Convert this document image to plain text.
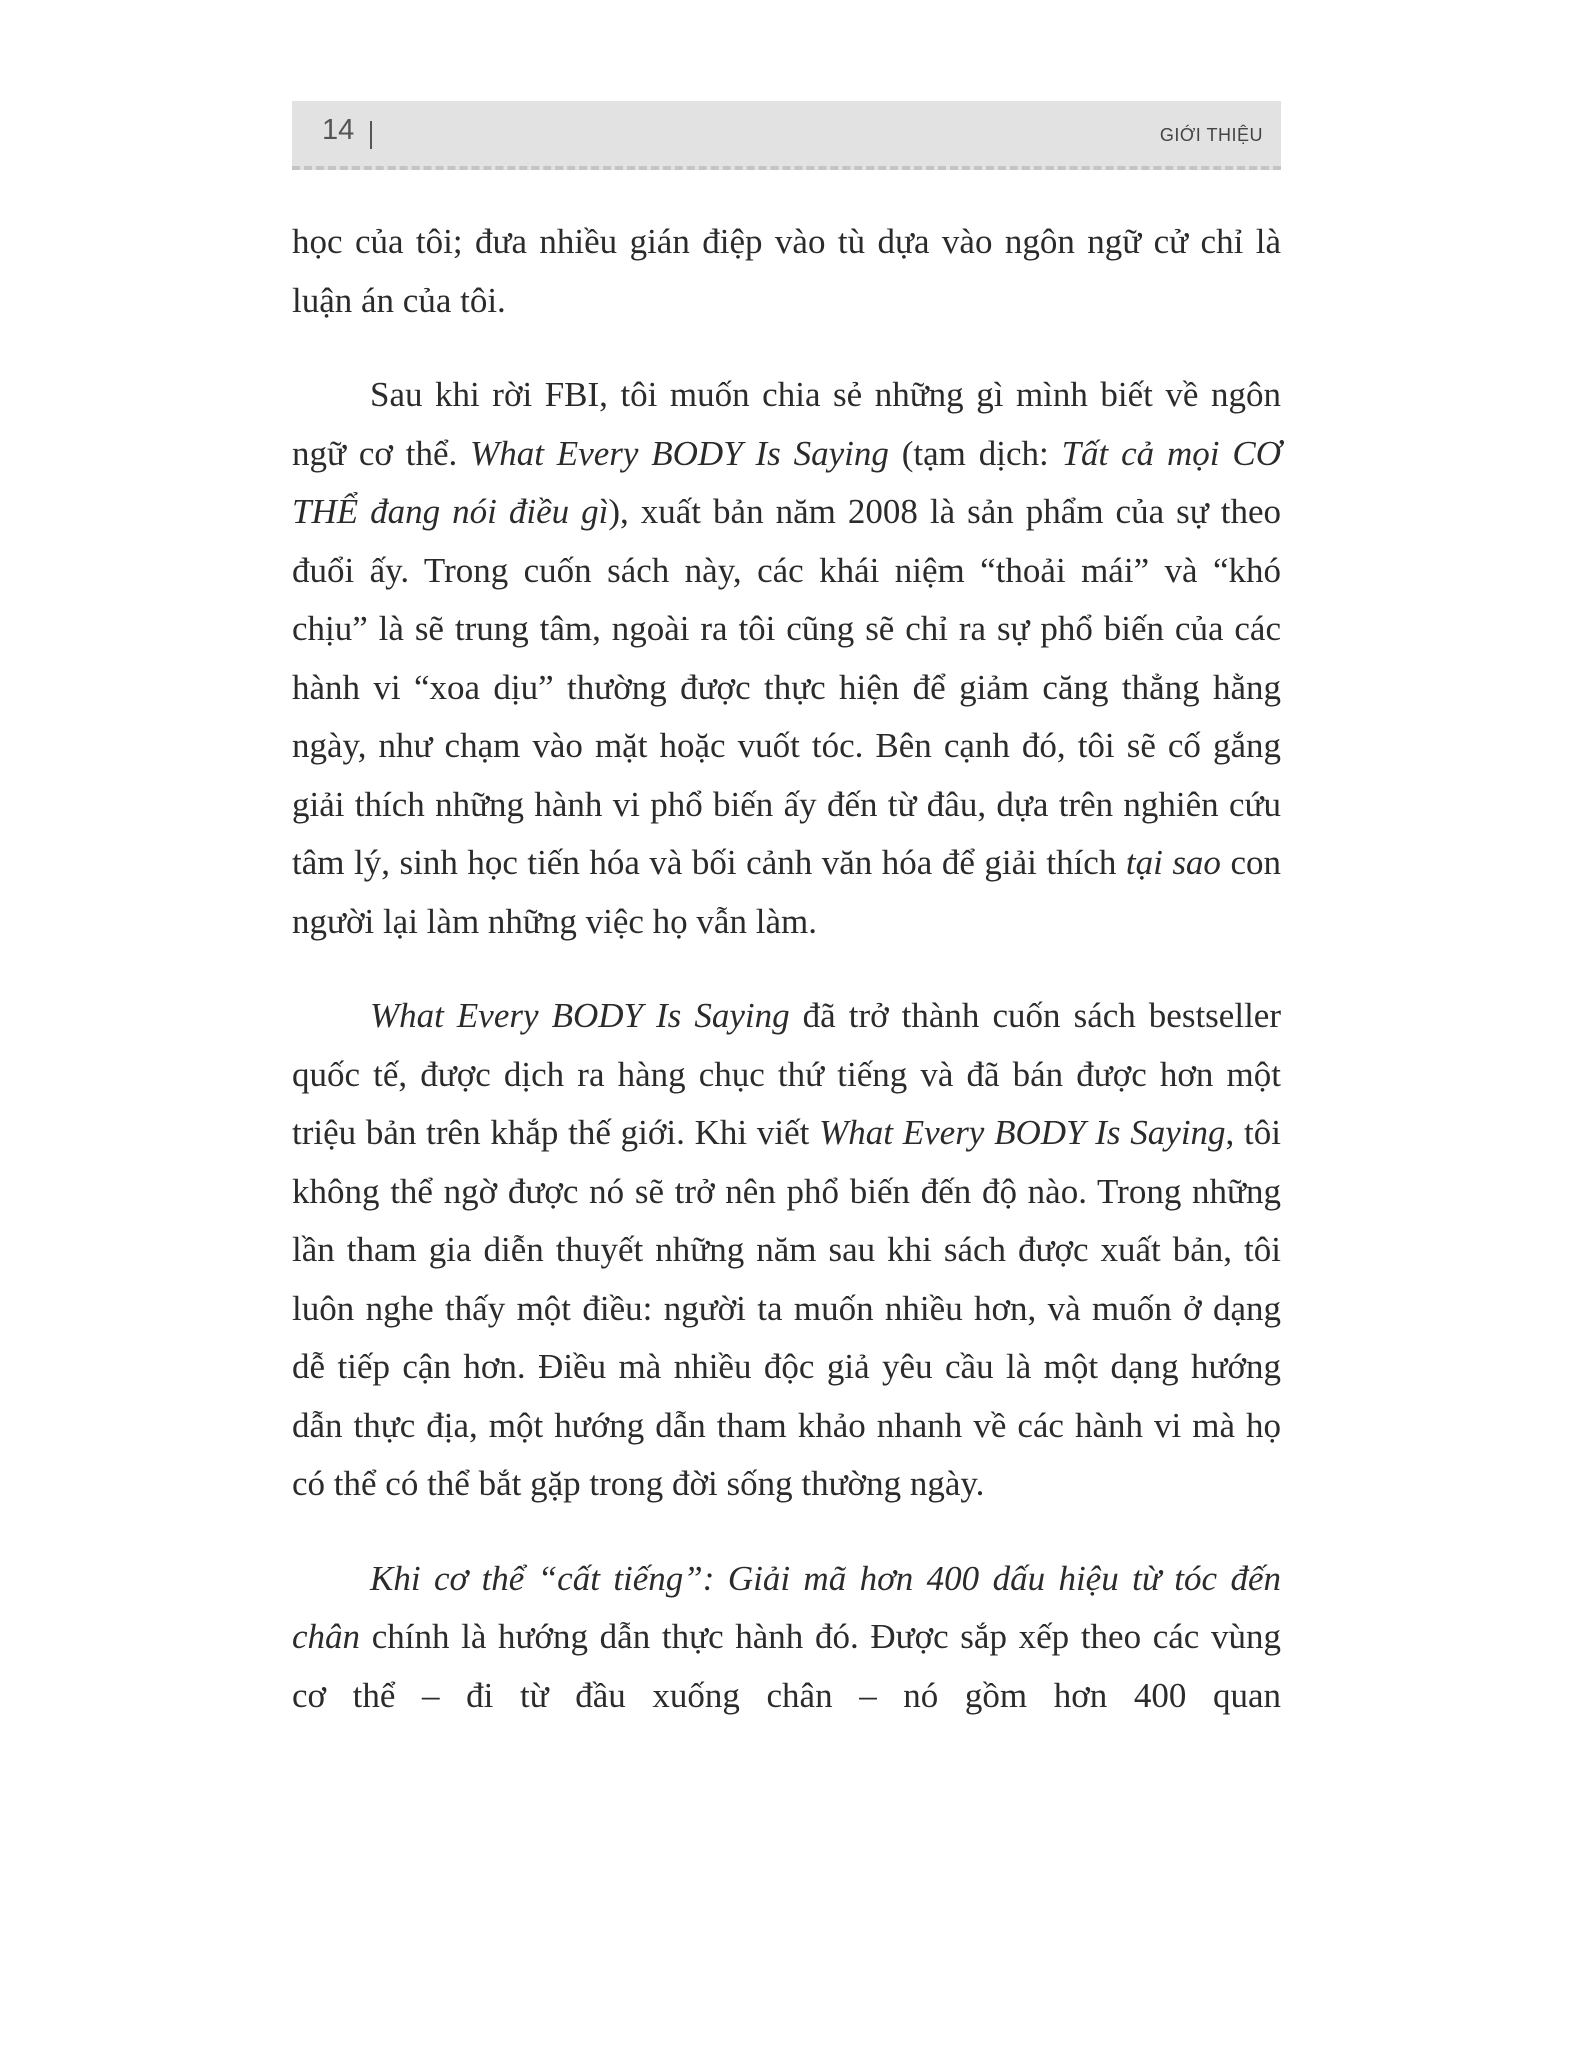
14	GIỚI THIỆU

học của tôi; đưa nhiều gián điệp vào tù dựa vào ngôn ngữ cử chỉ là luận án của tôi.

Sau khi rời FBI, tôi muốn chia sẻ những gì mình biết về ngôn ngữ cơ thể. What Every BODY Is Saying (tạm dịch: Tất cả mọi CƠ THỂ đang nói điều gì), xuất bản năm 2008 là sản phẩm của sự theo đuổi ấy. Trong cuốn sách này, các khái niệm “thoải mái” và “khó chịu” là sẽ trung tâm, ngoài ra tôi cũng sẽ chỉ ra sự phổ biến của các hành vi “xoa dịu” thường được thực hiện để giảm căng thẳng hằng ngày, như chạm vào mặt hoặc vuốt tóc. Bên cạnh đó, tôi sẽ cố gắng giải thích những hành vi phổ biến ấy đến từ đâu, dựa trên nghiên cứu tâm lý, sinh học tiến hóa và bối cảnh văn hóa để giải thích tại sao con người lại làm những việc họ vẫn làm.

What Every BODY Is Saying đã trở thành cuốn sách bestseller quốc tế, được dịch ra hàng chục thứ tiếng và đã bán được hơn một triệu bản trên khắp thế giới. Khi viết What Every BODY Is Saying, tôi không thể ngờ được nó sẽ trở nên phổ biến đến độ nào. Trong những lần tham gia diễn thuyết những năm sau khi sách được xuất bản, tôi luôn nghe thấy một điều: người ta muốn nhiều hơn, và muốn ở dạng dễ tiếp cận hơn. Điều mà nhiều độc giả yêu cầu là một dạng hướng dẫn thực địa, một hướng dẫn tham khảo nhanh về các hành vi mà họ có thể có thể bắt gặp trong đời sống thường ngày.

Khi cơ thể “cất tiếng”: Giải mã hơn 400 dấu hiệu từ tóc đến chân chính là hướng dẫn thực hành đó. Được sắp xếp theo các vùng cơ thể – đi từ đầu xuống chân – nó gồm hơn 400 quan
